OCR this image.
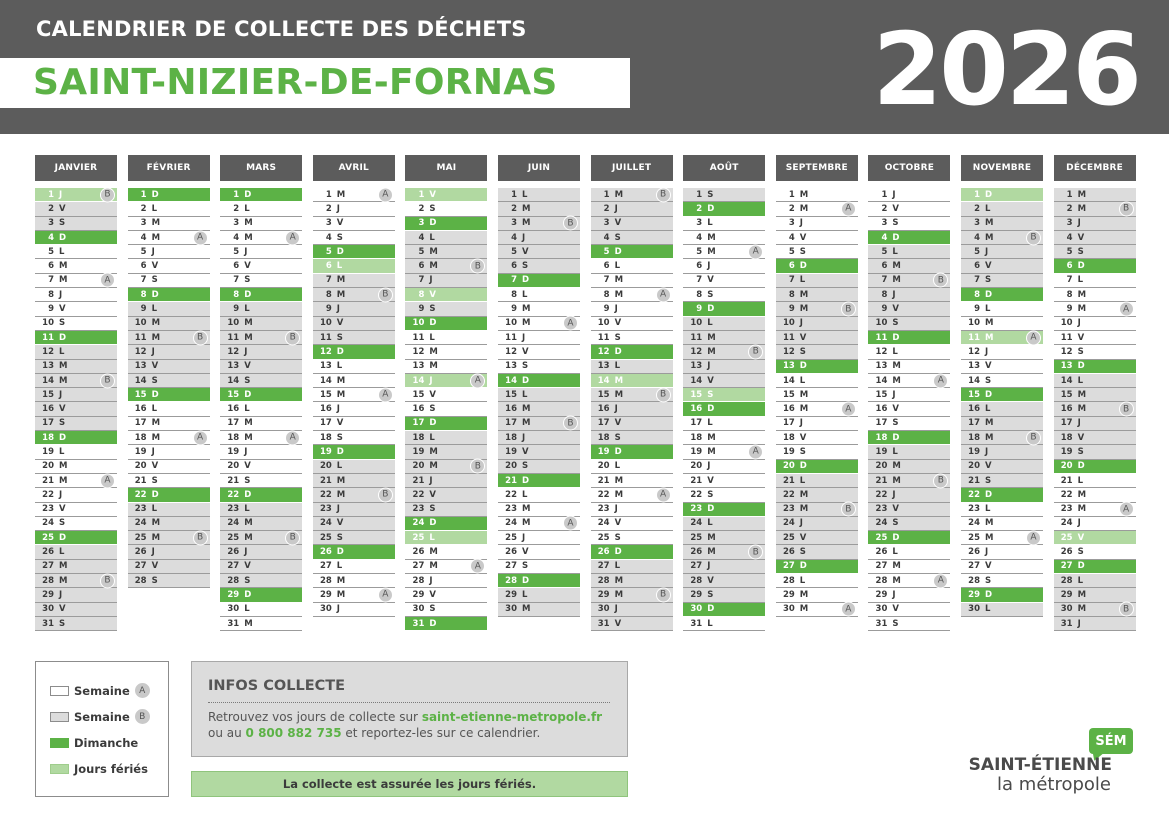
CALENDRIER DE COLLECTE DES DÉCHETS
SAINT-NIZIER-DE-FORNAS	2026
JANVIER
1 J	B
2 V
3 S
4 D
5 L
6 M
7 M	A
8 J
9 V
10 S
11 D
12 L
13 M
14 M	B
15 J
16 V
17 S
18 D
19 L
20 M
21 M	A
22 J
23 V
24 S
25 D
26 L
27 M
28 M	B
29 J
30 V
31 S
FÉVRIER
1 D
2 L
3 M
4 M	A
5 J
6 V
7 S
8 D
9 L
10 M
11 M	B
12 J
13 V
14 S
15 D
16 L
17 M
18 M	A
19 J
20 V
21 S
22 D
23 L
24 M
25 M	B
26 J
27 V
28 S
MARS
1 D
2 L
3 M
4 M	A
5 J
6 V
7 S
8 D
9 L
10 M
11 M	B
12 J
13 V
14 S
15 D
16 L
17 M
18 M	A
19 J
20 V
21 S
22 D
23 L
24 M
25 M	B
26 J
27 V
28 S
29 D
30 L
31 M
AVRIL
1 M	A
2 J
3 V
4 S
5 D
6 L
7 M
8 M	B
9 J
10 V
11 S
12 D
13 L
14 M
15 M	A
16 J
17 V
18 S
19 D
20 L
21 M
22 M	B
23 J
24 V
25 S
26 D
27 L
28 M
29 M	A
30 J
MAI
1 V
2 S
3 D
4 L
5 M
6 M	B
7 J
8 V
9 S
10 D
11 L
12 M
13 M
14 J	A
15 V
16 S
17 D
18 L
19 M
20 M	B
21 J
22 V
23 S
24 D
25 L
26 M
27 M	A
28 J
29 V
30 S
31 D
JUIN
1 L
2 M
3 M	B
4 J
5 V
6 S
7 D
8 L
9 M
10 M	A
11 J
12 V
13 S
14 D
15 L
16 M
17 M	B
18 J
19 V
20 S
21 D
22 L
23 M
24 M	A
25 J
26 V
27 S
28 D
29 L
30 M
JUILLET
1 M	B
2 J
3 V
4 S
5 D
6 L
7 M
8 M	A
9 J
10 V
11 S
12 D
13 L
14 M
15 M	B
16 J
17 V
18 S
19 D
20 L
21 M
22 M	A
23 J
24 V
25 S
26 D
27 L
28 M
29 M	B
30 J
31 V
AOÛT
1 S
2 D
3 L
4 M
5 M	A
6 J
7 V
8 S
9 D
10 L
11 M
12 M	B
13 J
14 V
15 S
16 D
17 L
18 M
19 M	A
20 J
21 V
22 S
23 D
24 L
25 M
26 M	B
27 J
28 V
29 S
30 D
31 L
SEPTEMBRE
1 M
2 M	A
3 J
4 V
5 S
6 D
7 L
8 M
9 M	B
10 J
11 V
12 S
13 D
14 L
15 M
16 M	A
17 J
18 V
19 S
20 D
21 L
22 M
23 M	B
24 J
25 V
26 S
27 D
28 L
29 M
30 M	A
OCTOBRE
1 J
2 V
3 S
4 D
5 L
6 M
7 M	B
8 J
9 V
10 S
11 D
12 L
13 M
14 M	A
15 J
16 V
17 S
18 D
19 L
20 M
21 M	B
22 J
23 V
24 S
25 D
26 L
27 M
28 M	A
29 J
30 V
31 S
NOVEMBRE
1 D
2 L
3 M
4 M	B
5 J
6 V
7 S
8 D
9 L
10 M
11 M	A
12 J
13 V
14 S
15 D
16 L
17 M
18 M	B
19 J
20 V
21 S
22 D
23 L
24 M
25 M	A
26 J
27 V
28 S
29 D
30 L
DÉCEMBRE
1 M
2 M	B
3 J
4 V
5 S
6 D
7 L
8 M
9 M	A
10 J
11 V
12 S
13 D
14 L
15 M
16 M	B
17 J
18 V
19 S
20 D
21 L
22 M
23 M	A
24 J
25 V
26 S
27 D
28 L
29 M
30 M	B
31 J
Semaine	A
Semaine	B
Dimanche
Jours fériés
INFOS COLLECTE
Retrouvez vos jours de collecte sur saint-etienne-metropole.fr
ou au 0 800 882 735 et reportez-les sur ce calendrier.
La collecte est assurée les jours fériés.
SÉM
SAINT-ÉTIENNE
la métropole
